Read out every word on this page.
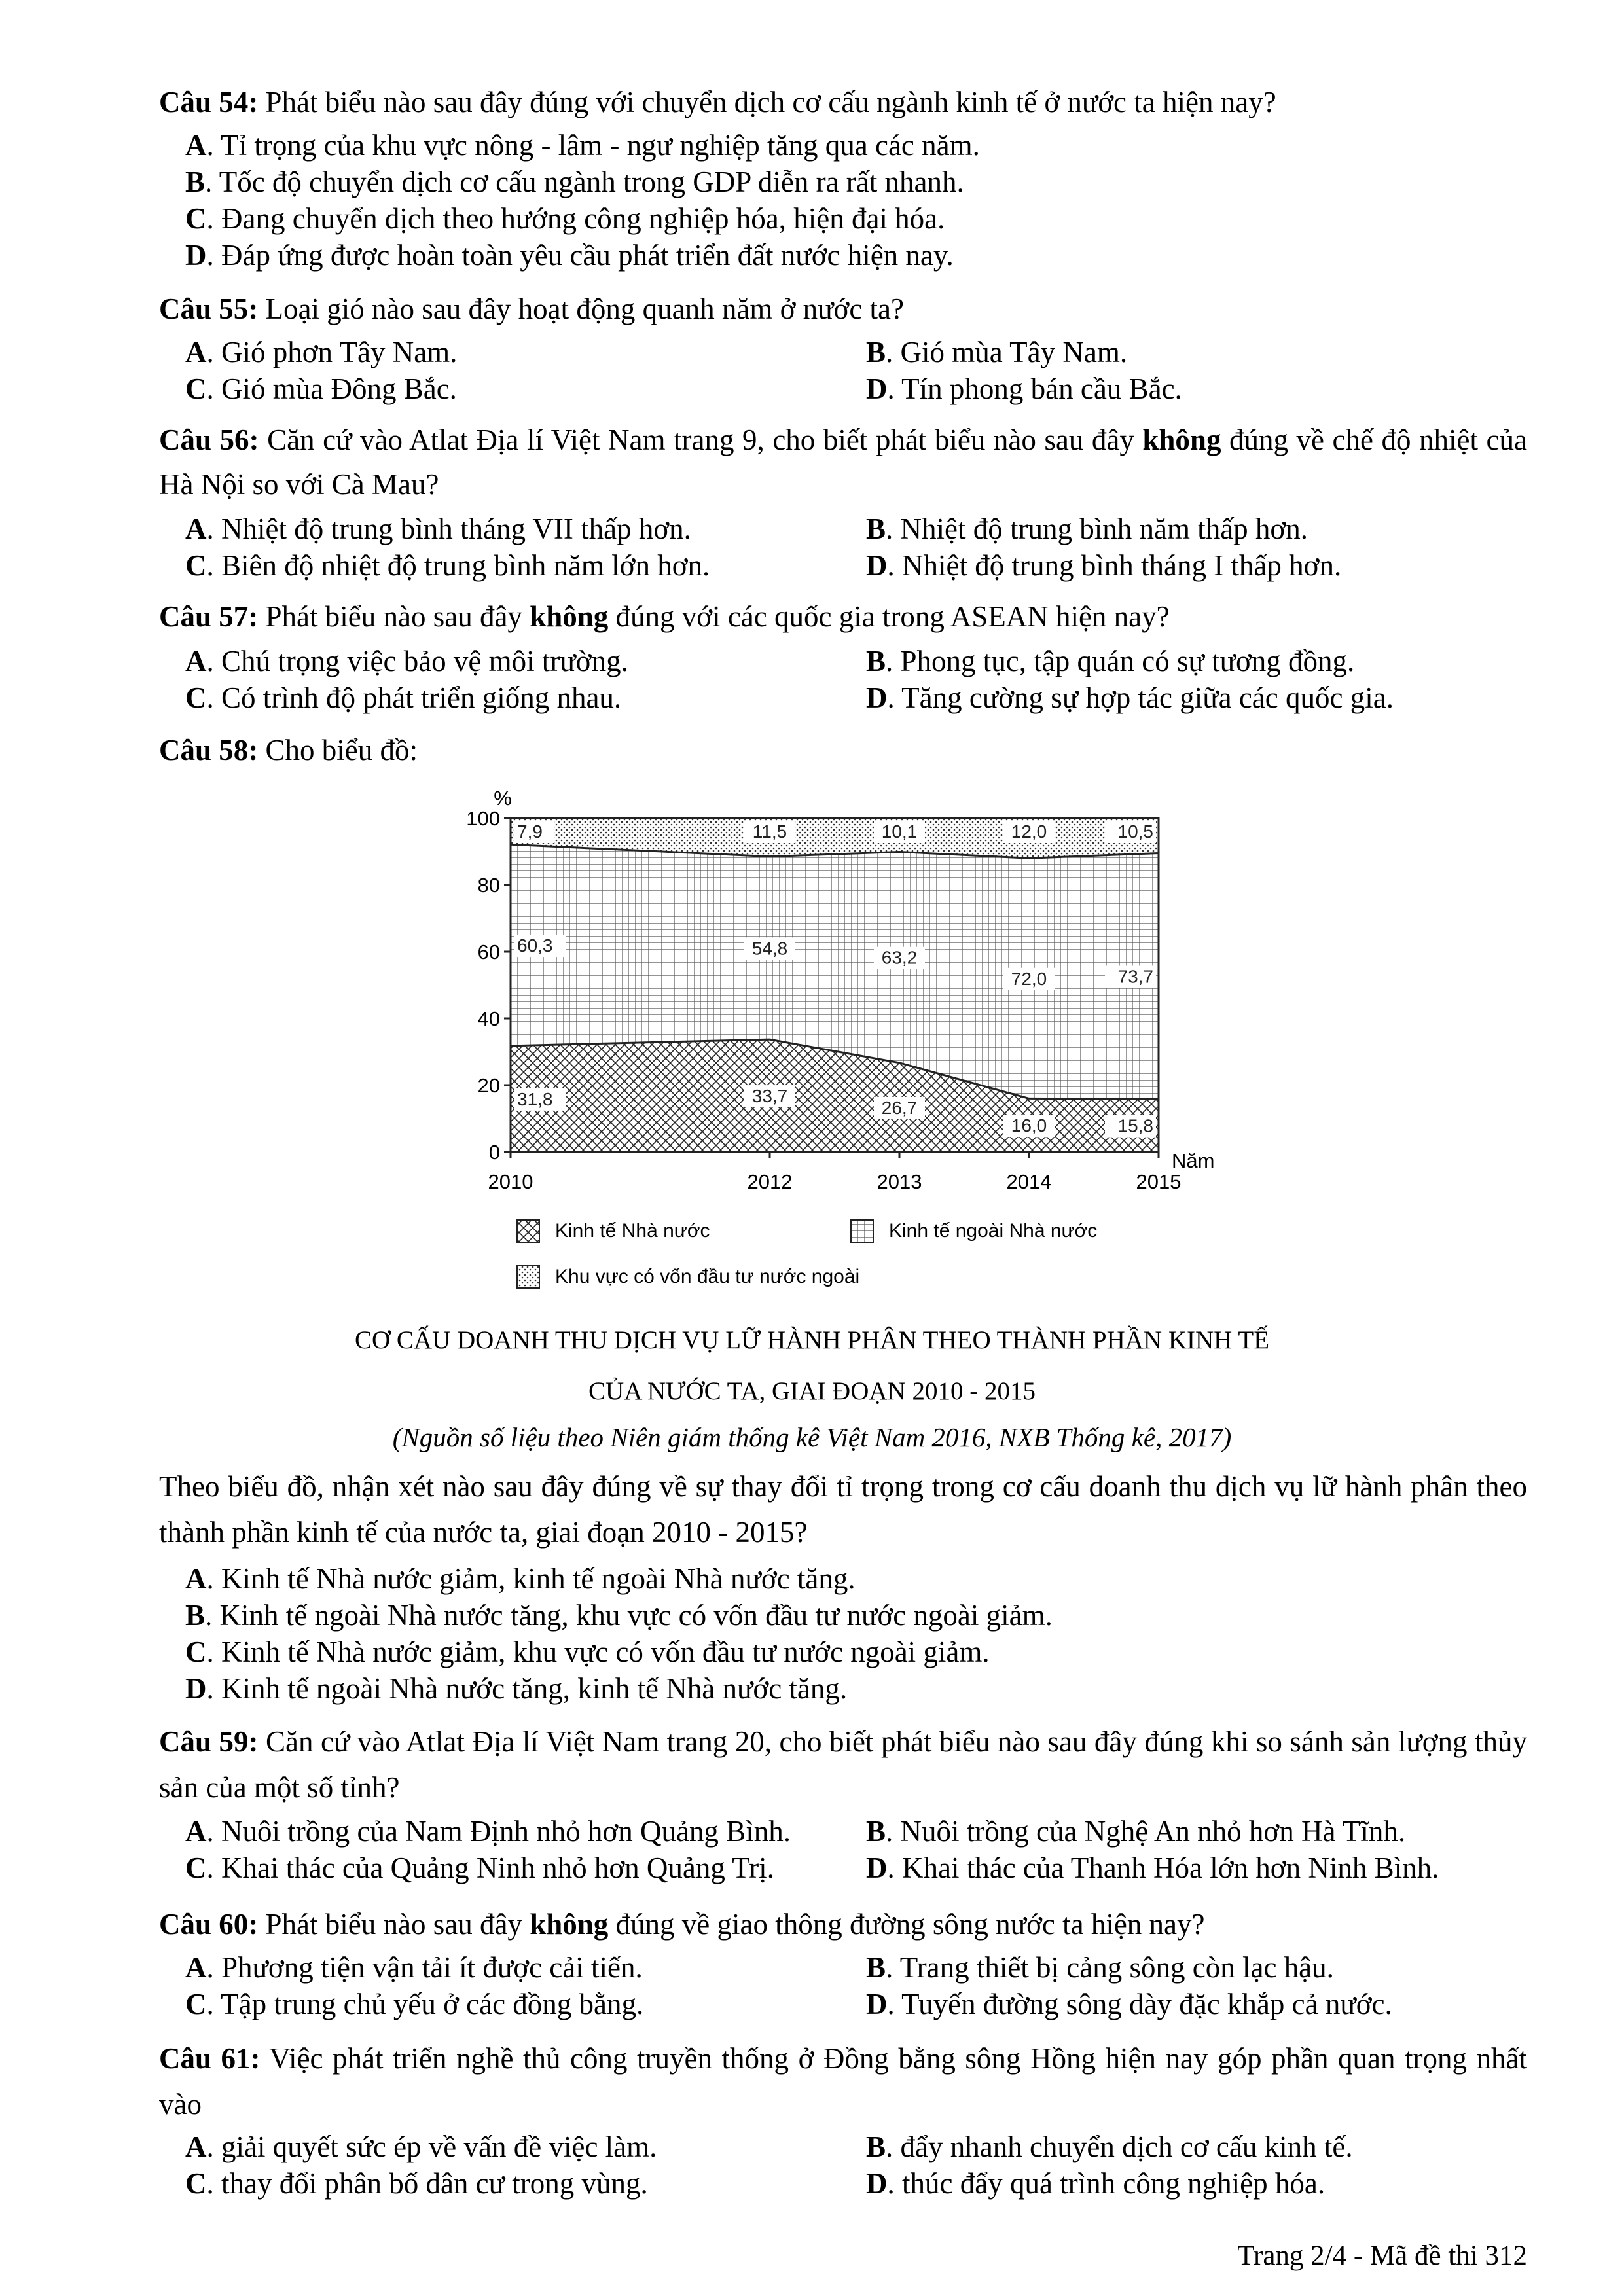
Câu 54: Phát biểu nào sau đây đúng với chuyển dịch cơ cấu ngành kinh tế ở nước ta hiện nay?
A. Tỉ trọng của khu vực nông - lâm - ngư nghiệp tăng qua các năm.
B. Tốc độ chuyển dịch cơ cấu ngành trong GDP diễn ra rất nhanh.
C. Đang chuyển dịch theo hướng công nghiệp hóa, hiện đại hóa.
D. Đáp ứng được hoàn toàn yêu cầu phát triển đất nước hiện nay.
Câu 55: Loại gió nào sau đây hoạt động quanh năm ở nước ta?
A. Gió phơn Tây Nam.	B. Gió mùa Tây Nam.
C. Gió mùa Đông Bắc.	D. Tín phong bán cầu Bắc.
Câu 56: Căn cứ vào Atlat Địa lí Việt Nam trang 9, cho biết phát biểu nào sau đây không đúng về chế độ nhiệt của Hà Nội so với Cà Mau?
A. Nhiệt độ trung bình tháng VII thấp hơn.	B. Nhiệt độ trung bình năm thấp hơn.
C. Biên độ nhiệt độ trung bình năm lớn hơn.	D. Nhiệt độ trung bình tháng I thấp hơn.
Câu 57: Phát biểu nào sau đây không đúng với các quốc gia trong ASEAN hiện nay?
A. Chú trọng việc bảo vệ môi trường.	B. Phong tục, tập quán có sự tương đồng.
C. Có trình độ phát triển giống nhau.	D. Tăng cường sự hợp tác giữa các quốc gia.
Câu 58: Cho biểu đồ:
0
20
40
60
80
100
%
2010	2012	2013	2014	2015
Năm
31,8	33,7
26,7
16,0	15,8
60,3	54,8	63,2
72,0	73,7
7,9	11,5	10,1	12,0	10,5
Kinh tế Nhà nước	Kinh tế ngoài Nhà nước
Khu vực có vốn đầu tư nước ngoài
CƠ CẤU DOANH THU DỊCH VỤ LỮ HÀNH PHÂN THEO THÀNH PHẦN KINH TẾ
CỦA NƯỚC TA, GIAI ĐOẠN 2010 - 2015
(Nguồn số liệu theo Niên giám thống kê Việt Nam 2016, NXB Thống kê, 2017)
Theo biểu đồ, nhận xét nào sau đây đúng về sự thay đổi tỉ trọng trong cơ cấu doanh thu dịch vụ lữ hành phân theo thành phần kinh tế của nước ta, giai đoạn 2010 - 2015?
A. Kinh tế Nhà nước giảm, kinh tế ngoài Nhà nước tăng.
B. Kinh tế ngoài Nhà nước tăng, khu vực có vốn đầu tư nước ngoài giảm.
C. Kinh tế Nhà nước giảm, khu vực có vốn đầu tư nước ngoài giảm.
D. Kinh tế ngoài Nhà nước tăng, kinh tế Nhà nước tăng.
Câu 59: Căn cứ vào Atlat Địa lí Việt Nam trang 20, cho biết phát biểu nào sau đây đúng khi so sánh sản lượng thủy sản của một số tỉnh?
A. Nuôi trồng của Nam Định nhỏ hơn Quảng Bình.	B. Nuôi trồng của Nghệ An nhỏ hơn Hà Tĩnh.
C. Khai thác của Quảng Ninh nhỏ hơn Quảng Trị.	D. Khai thác của Thanh Hóa lớn hơn Ninh Bình.
Câu 60: Phát biểu nào sau đây không đúng về giao thông đường sông nước ta hiện nay?
A. Phương tiện vận tải ít được cải tiến.	B. Trang thiết bị cảng sông còn lạc hậu.
C. Tập trung chủ yếu ở các đồng bằng.	D. Tuyến đường sông dày đặc khắp cả nước.
Câu 61: Việc phát triển nghề thủ công truyền thống ở Đồng bằng sông Hồng hiện nay góp phần quan trọng nhất vào
A. giải quyết sức ép về vấn đề việc làm.	B. đẩy nhanh chuyển dịch cơ cấu kinh tế.
C. thay đổi phân bố dân cư trong vùng.	D. thúc đẩy quá trình công nghiệp hóa.
Trang 2/4 - Mã đề thi 312
